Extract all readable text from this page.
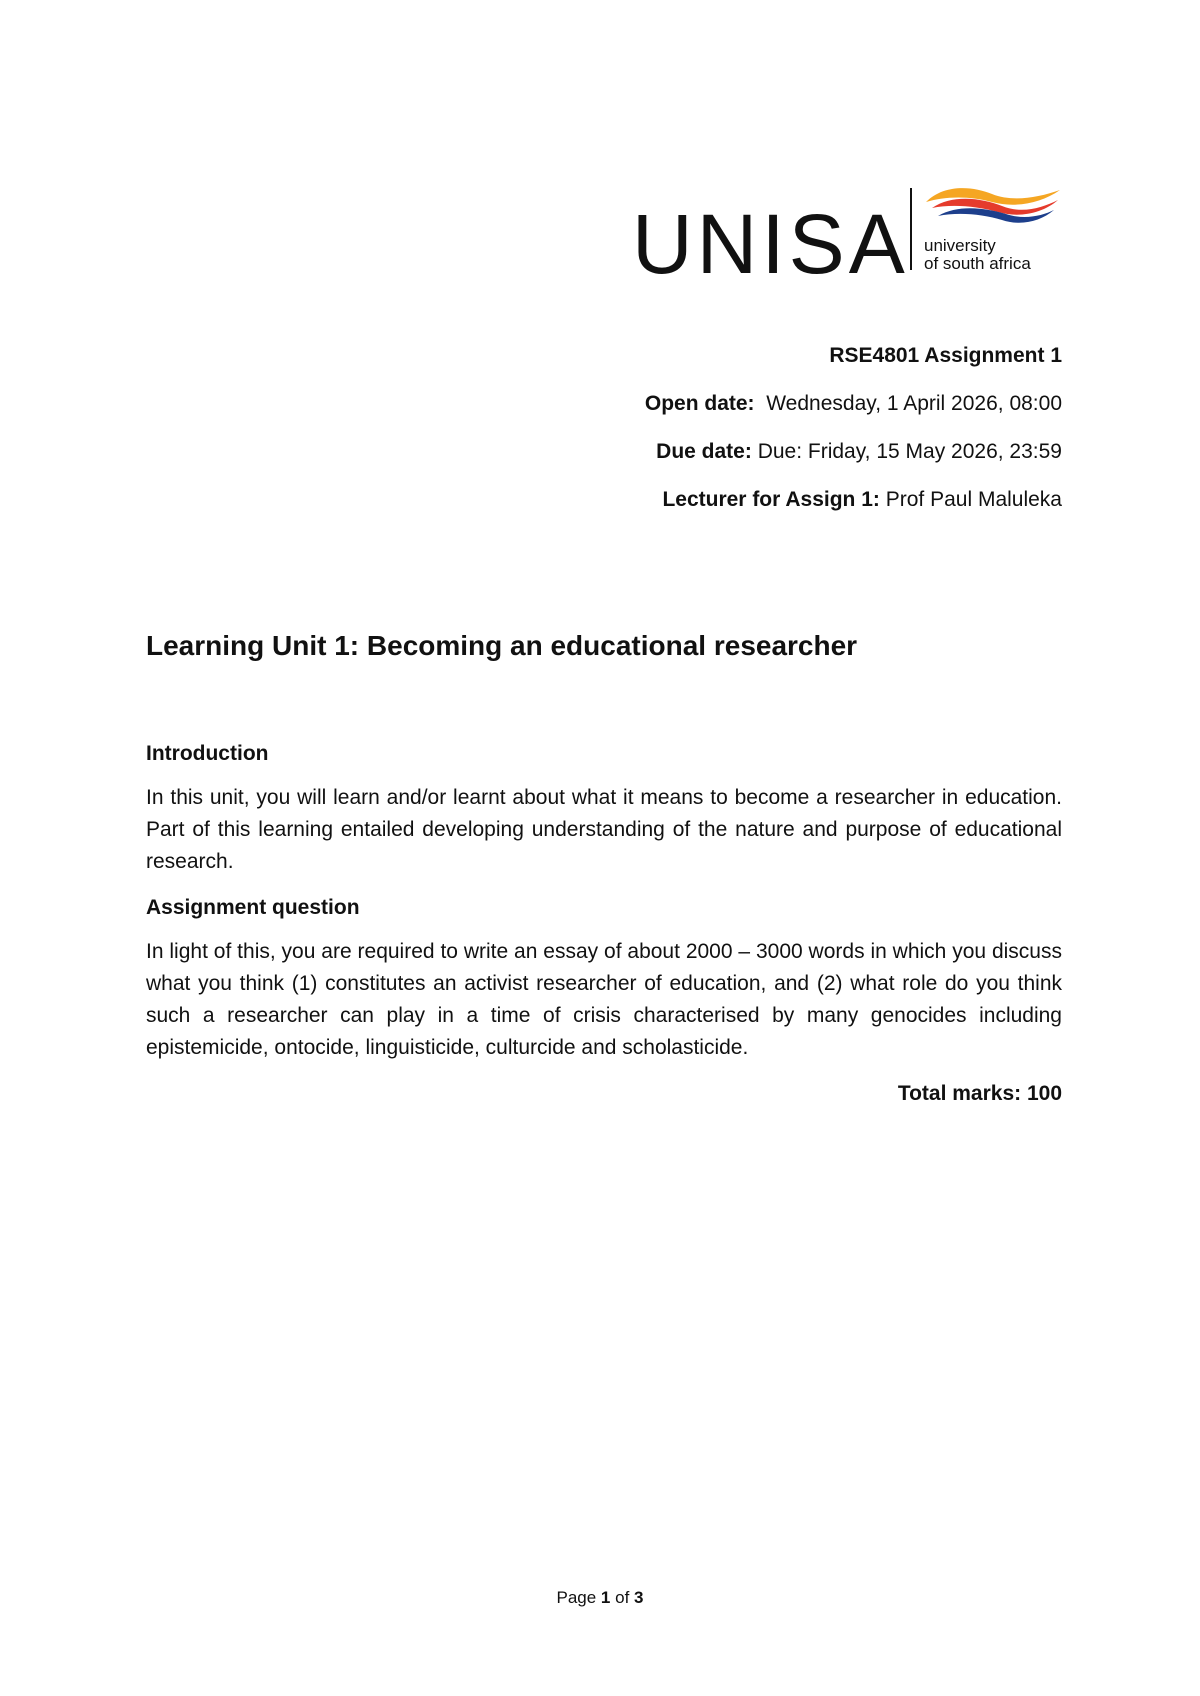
UNISA university
of south africa
RSE4801 Assignment 1
Open date: Wednesday, 1 April 2026, 08:00
Due date: Due: Friday, 15 May 2026, 23:59
Lecturer for Assign 1: Prof Paul Maluleka
Learning Unit 1: Becoming an educational researcher

Introduction

In this unit, you will learn and/or learnt about what it means to become a researcher in education. Part of this learning entailed developing understanding of the nature and purpose of educational research.

Assignment question

In light of this, you are required to write an essay of about 2000 – 3000 words in which you discuss what you think (1) constitutes an activist researcher of education, and (2) what role do you think such a researcher can play in a time of crisis characterised by many genocides including epistemicide, ontocide, linguisticide, culturcide and scholasticide.

Total marks: 100

Page 1 of 3
